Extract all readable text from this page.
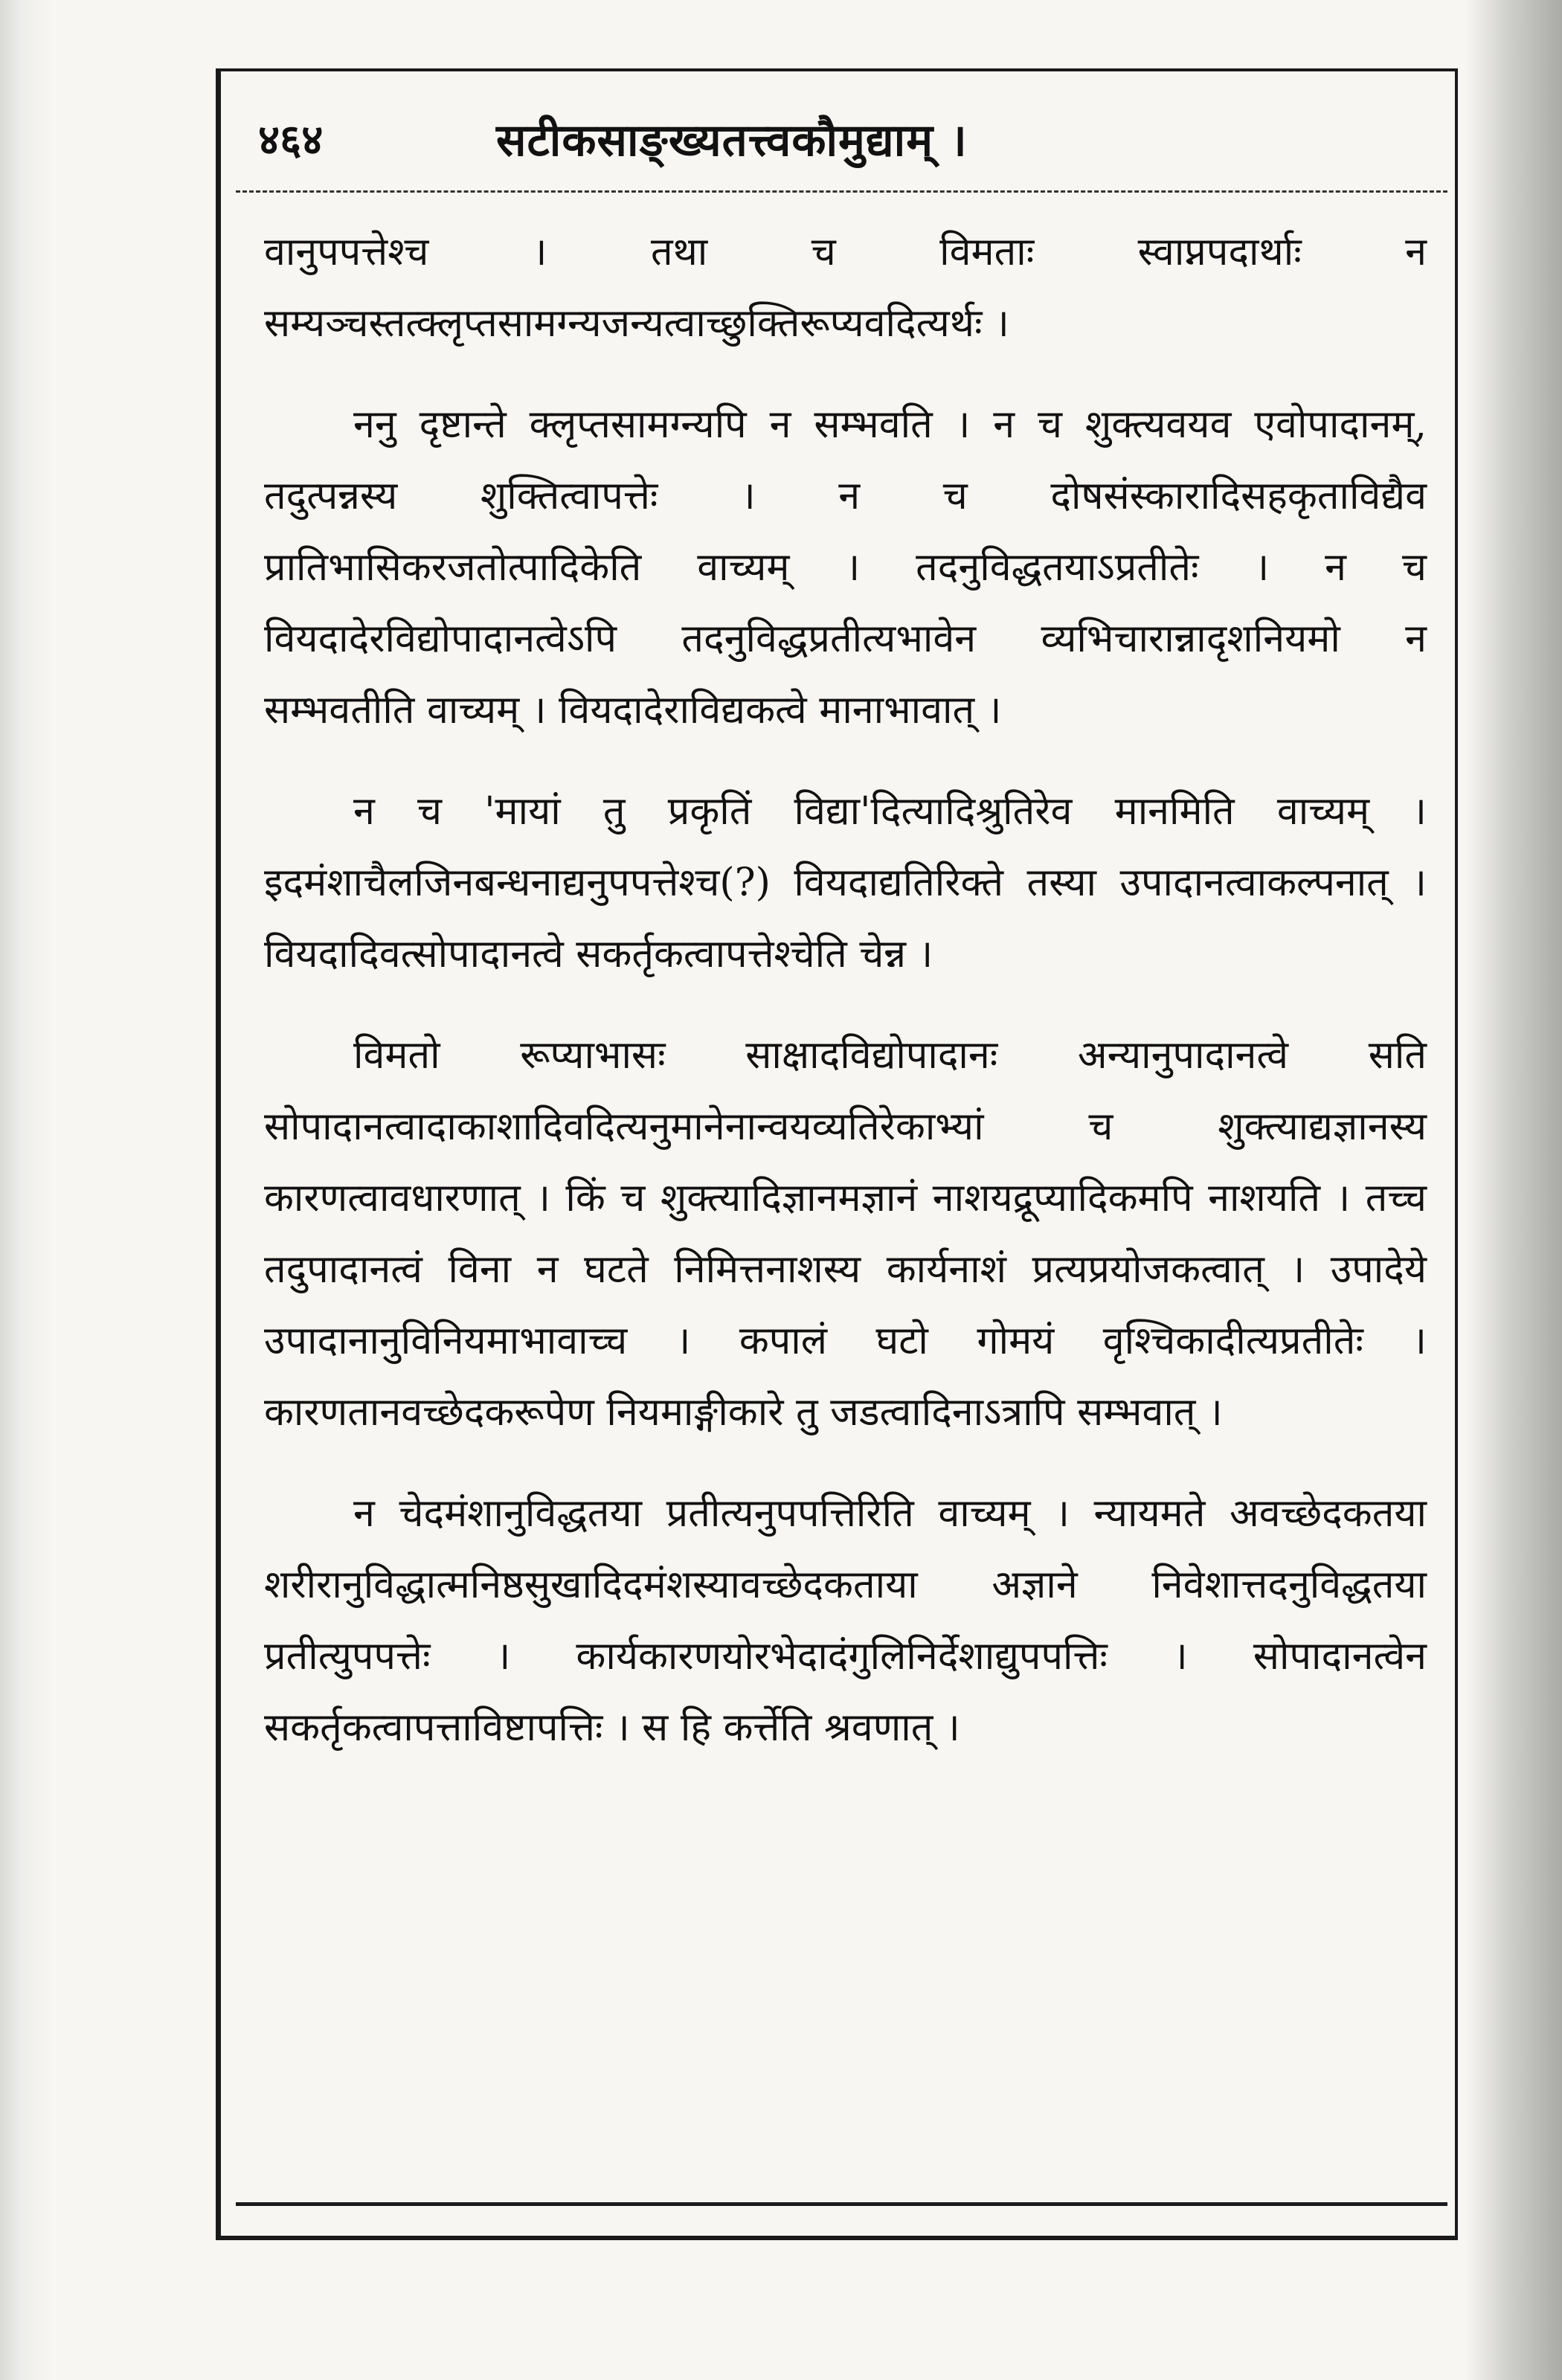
४६४	सटीकसाङ्ख्यतत्त्वकौमुद्याम् ।

वानुपपत्तेश्च । तथा च विमताः स्वाप्नपदार्थाः न सम्यञ्चस्तत्क्लृप्तसामग्न्यजन्यत्वाच्छुक्तिरूप्यवदित्यर्थः ।

ननु दृष्टान्ते क्लृप्तसामग्न्यपि न सम्भवति । न च शुक्त्यवयव एवोपादानम्, तदुत्पन्नस्य शुक्तित्वापत्तेः । न च दोषसंस्कारादिसहकृताविद्यैव प्रातिभासिकरजतोत्पादिकेति वाच्यम् । तदनुविद्धतयाऽप्रतीतेः । न च वियदादेरविद्योपादानत्वेऽपि तदनुविद्धप्रतीत्यभावेन व्यभिचारान्नादृशनियमो न सम्भवतीति वाच्यम् । वियदादेराविद्यकत्वे मानाभावात् ।

न च 'मायां तु प्रकृतिं विद्या'दित्यादिश्रुतिरेव मानमिति वाच्यम् । इदमंशाचैलजिनबन्धनाद्यनुपपत्तेश्च(?) वियदाद्यतिरिक्ते तस्या उपादानत्वाकल्पनात् । वियदादिवत्सोपादानत्वे सकर्तृकत्वापत्तेश्चेति चेन्न ।

विमतो रूप्याभासः साक्षादविद्योपादानः अन्यानुपादानत्वे सति सोपादानत्वादाकाशादिवदित्यनुमानेनान्वयव्यतिरेकाभ्यां च शुक्त्याद्यज्ञानस्य कारणत्वावधारणात् । किं च शुक्त्यादिज्ञानमज्ञानं नाशयद्रूप्यादिकमपि नाशयति । तच्च तदुपादानत्वं विना न घटते निमित्तनाशस्य कार्यनाशं प्रत्यप्रयोजकत्वात् । उपादेये उपादानानुविनियमाभावाच्च । कपालं घटो गोमयं वृश्चिकादीत्यप्रतीतेः । कारणतानवच्छेदकरूपेण नियमाङ्गीकारे तु जडत्वादिनाऽत्रापि सम्भवात् ।

न चेदमंशानुविद्धतया प्रतीत्यनुपपत्तिरिति वाच्यम् । न्यायमते अवच्छेदकतया शरीरानुविद्धात्मनिष्ठसुखादिदमंशस्यावच्छेदकताया अज्ञाने निवेशात्तदनुविद्धतया प्रतीत्युपपत्तेः । कार्यकारणयोरभेदादंगुलिनिर्देशाद्युपपत्तिः । सोपादानत्वेन सकर्तृकत्वापत्ताविष्टापत्तिः । स हि कर्त्तेति श्रवणात् ।
